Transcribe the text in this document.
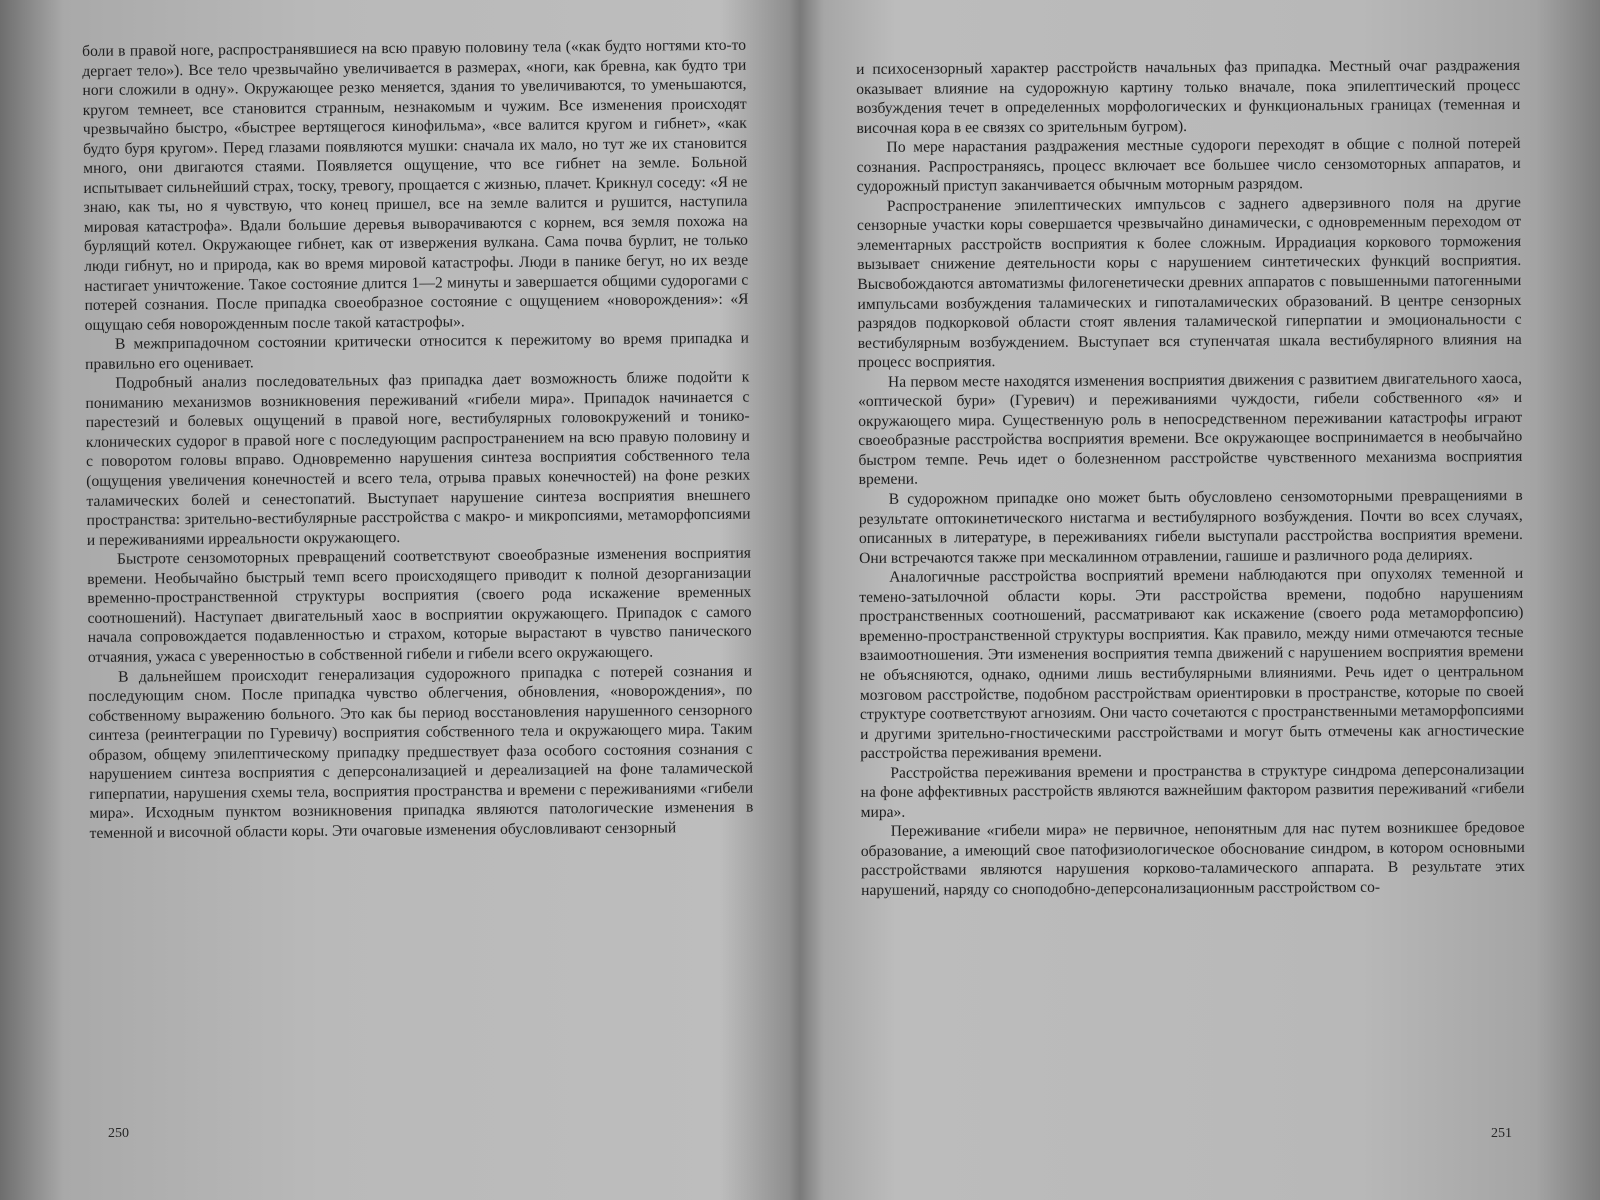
боли в правой ноге, распространявшиеся на всю правую половину тела («как будто ногтями кто-то дергает тело»). Все тело чрезвычайно увеличивается в размерах, «ноги, как бревна, как будто три ноги сложили в одну». Окружающее резко меняется, здания то увеличиваются, то уменьшаются, кругом темнеет, все становится странным, незнакомым и чужим. Все изменения происходят чрезвычайно быстро, «быстрее вертящегося кинофильма», «все валится кругом и гибнет», «как будто буря кругом». Перед глазами появляются мушки: сначала их мало, но тут же их становится много, они двигаются стаями. Появляется ощущение, что все гибнет на земле. Больной испытывает сильнейший страх, тоску, тревогу, прощается с жизнью, плачет. Крикнул соседу: «Я не знаю, как ты, но я чувствую, что конец пришел, все на земле валится и рушится, наступила мировая катастрофа». Вдали большие деревья выворачиваются с корнем, вся земля похожа на бурлящий котел. Окружающее гибнет, как от извержения вулкана. Сама почва бурлит, не только люди гибнут, но и природа, как во время мировой катастрофы. Люди в панике бегут, но их везде настигает уничтожение. Такое состояние длится 1—2 минуты и завершается общими судорогами с потерей сознания. После припадка своеобразное состояние с ощущением «новорождения»: «Я ощущаю себя новорожденным после такой катастрофы».

В межприпадочном состоянии критически относится к пережитому во время припадка и правильно его оценивает.

Подробный анализ последовательных фаз припадка дает возможность ближе подойти к пониманию механизмов возникновения переживаний «гибели мира». Припадок начинается с парестезий и болевых ощущений в правой ноге, вестибулярных головокружений и тонико-клонических судорог в правой ноге с последующим распространением на всю правую половину и с поворотом головы вправо. Одновременно нарушения синтеза восприятия собственного тела (ощущения увеличения конечностей и всего тела, отрыва правых конечностей) на фоне резких таламических болей и сенестопатий. Выступает нарушение синтеза восприятия внешнего пространства: зрительно-вестибулярные расстройства с макро- и микропсиями, метаморфопсиями и переживаниями ирреальности окружающего.

Быстроте сензомоторных превращений соответствуют своеобразные изменения восприятия времени. Необычайно быстрый темп всего происходящего приводит к полной дезорганизации временно-пространственной структуры восприятия (своего рода искажение временных соотношений). Наступает двигательный хаос в восприятии окружающего. Припадок с самого начала сопровождается подавленностью и страхом, которые вырастают в чувство панического отчаяния, ужаса с уверенностью в собственной гибели и гибели всего окружающего.

В дальнейшем происходит генерализация судорожного припадка с потерей сознания и последующим сном. После припадка чувство облегчения, обновления, «новорождения», по собственному выражению больного. Это как бы период восстановления нарушенного сензорного синтеза (реинтеграции по Гуревичу) восприятия собственного тела и окружающего мира. Таким образом, общему эпилептическому припадку предшествует фаза особого состояния сознания с нарушением синтеза восприятия с деперсонализацией и дереализацией на фоне таламической гиперпатии, нарушения схемы тела, восприятия пространства и времени с переживаниями «гибели мира». Исходным пунктом возникновения припадка являются патологические изменения в теменной и височной области коры. Эти очаговые изменения обусловливают сензорный

250

и психосензорный характер расстройств начальных фаз припадка. Местный очаг раздражения оказывает влияние на судорожную картину только вначале, пока эпилептический процесс возбуждения течет в определенных морфологических и функциональных границах (теменная и височная кора в ее связях со зрительным бугром).

По мере нарастания раздражения местные судороги переходят в общие с полной потерей сознания. Распространяясь, процесс включает все большее число сензомоторных аппаратов, и судорожный приступ заканчивается обычным моторным разрядом.

Распространение эпилептических импульсов с заднего адверзивного поля на другие сензорные участки коры совершается чрезвычайно динамически, с одновременным переходом от элементарных расстройств восприятия к более сложным. Иррадиация коркового торможения вызывает снижение деятельности коры с нарушением синтетических функций восприятия. Высвобождаются автоматизмы филогенетически древних аппаратов с повышенными патогенными импульсами возбуждения таламических и гипоталамических образований. В центре сензорных разрядов подкорковой области стоят явления таламической гиперпатии и эмоциональности с вестибулярным возбуждением. Выступает вся ступенчатая шкала вестибулярного влияния на процесс восприятия.

На первом месте находятся изменения восприятия движения с развитием двигательного хаоса, «оптической бури» (Гуревич) и переживаниями чуждости, гибели собственного «я» и окружающего мира. Существенную роль в непосредственном переживании катастрофы играют своеобразные расстройства восприятия времени. Все окружающее воспринимается в необычайно быстром темпе. Речь идет о болезненном расстройстве чувственного механизма восприятия времени.

В судорожном припадке оно может быть обусловлено сензомоторными превращениями в результате оптокинетического нистагма и вестибулярного возбуждения. Почти во всех случаях, описанных в литературе, в переживаниях гибели выступали расстройства восприятия времени. Они встречаются также при мескалинном отравлении, гашише и различного рода делириях.

Аналогичные расстройства восприятий времени наблюдаются при опухолях теменной и темено-затылочной области коры. Эти расстройства времени, подобно нарушениям пространственных соотношений, рассматривают как искажение (своего рода метаморфопсию) временно-пространственной структуры восприятия. Как правило, между ними отмечаются тесные взаимоотношения. Эти изменения восприятия темпа движений с нарушением восприятия времени не объясняются, однако, одними лишь вестибулярными влияниями. Речь идет о центральном мозговом расстройстве, подобном расстройствам ориентировки в пространстве, которые по своей структуре соответствуют агнозиям. Они часто сочетаются с пространственными метаморфопсиями и другими зрительно-гностическими расстройствами и могут быть отмечены как агностические расстройства переживания времени.

Расстройства переживания времени и пространства в структуре синдрома деперсонализации на фоне аффективных расстройств являются важнейшим фактором развития переживаний «гибели мира».

Переживание «гибели мира» не первичное, непонятным для нас путем возникшее бредовое образование, а имеющий свое патофизиологическое обоснование синдром, в котором основными расстройствами являются нарушения корково-таламического аппарата. В результате этих нарушений, наряду со сноподобно-деперсонализационным расстройством со-

251
